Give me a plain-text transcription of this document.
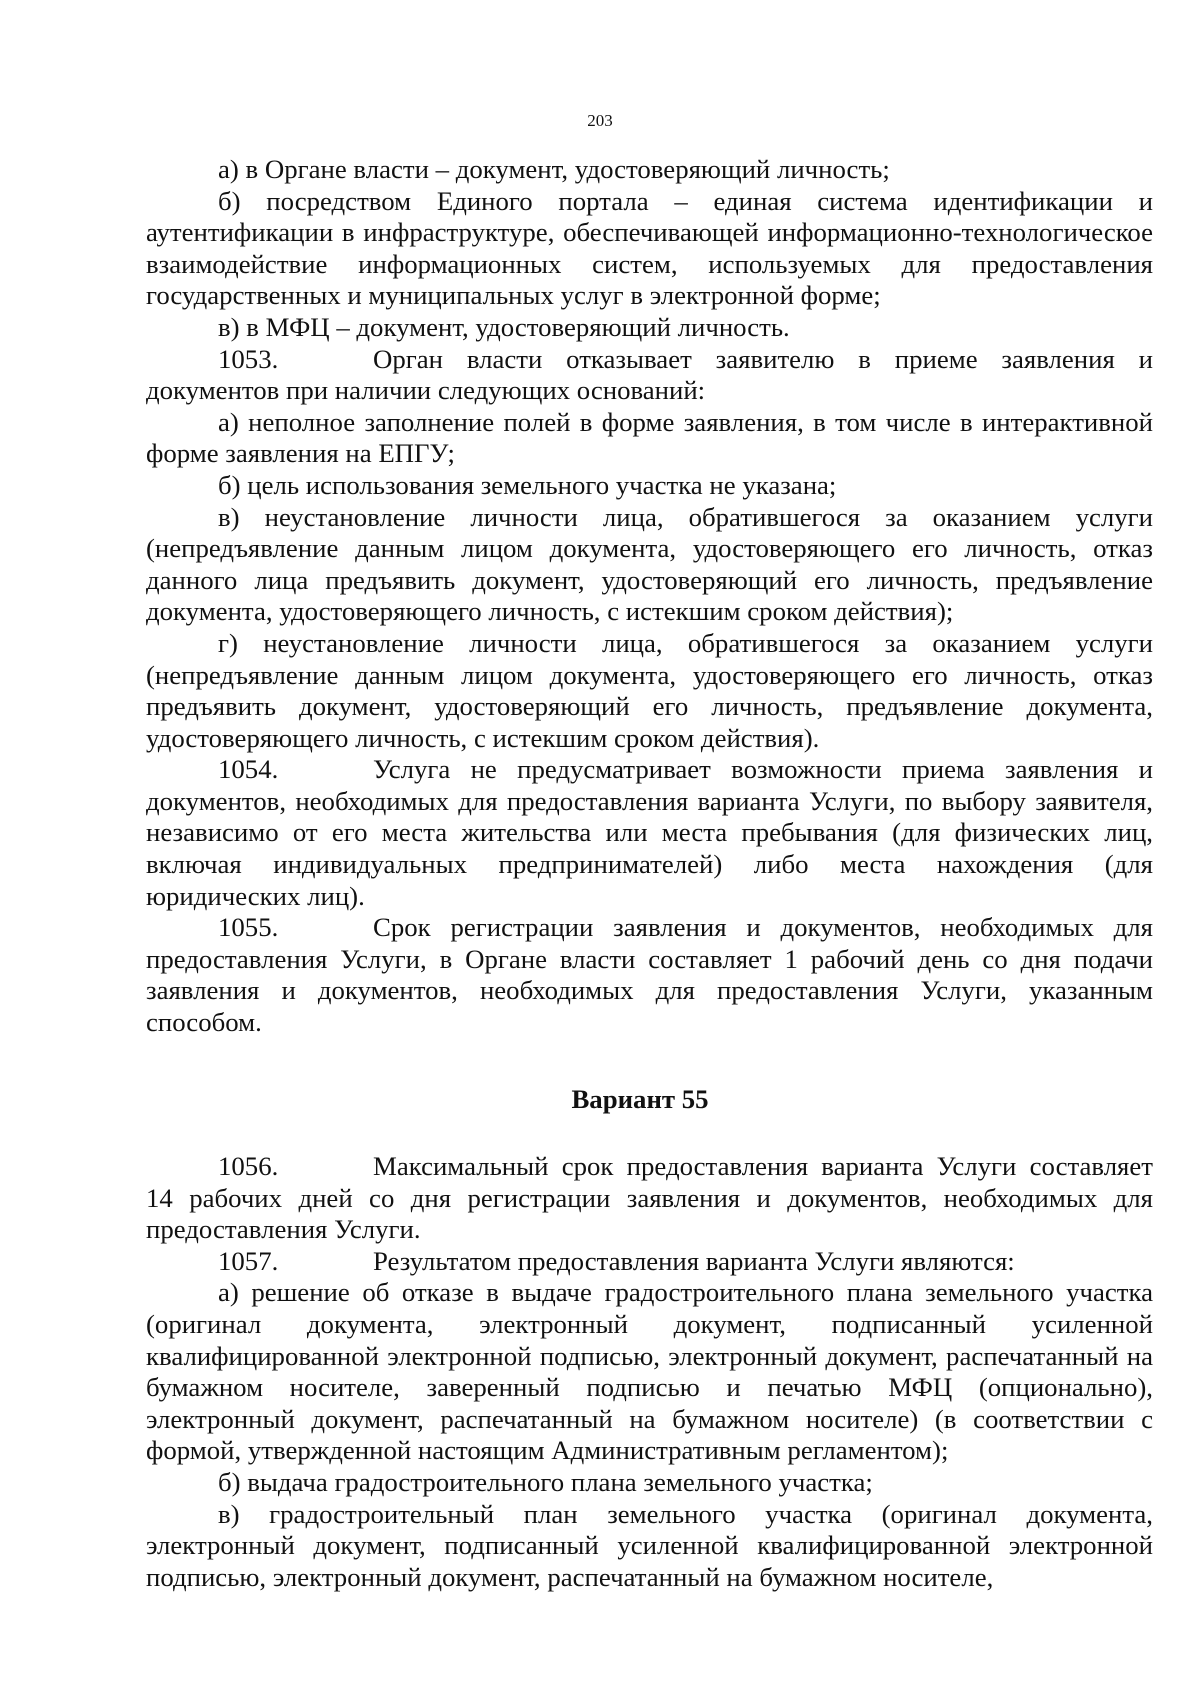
203

а) в Органе власти – документ, удостоверяющий личность;

б) посредством Единого портала – единая система идентификации и аутентификации в инфраструктуре, обеспечивающей информационно-технологическое взаимодействие информационных систем, используемых для предоставления государственных и муниципальных услуг в электронной форме;

в) в МФЦ – документ, удостоверяющий личность.

1053.	Орган власти отказывает заявителю в приеме заявления и документов при наличии следующих оснований:

а) неполное заполнение полей в форме заявления, в том числе в интерактивной форме заявления на ЕПГУ;

б) цель использования земельного участка не указана;

в) неустановление личности лица, обратившегося за оказанием услуги (непредъявление данным лицом документа, удостоверяющего его личность, отказ данного лица предъявить документ, удостоверяющий его личность, предъявление документа, удостоверяющего личность, с истекшим сроком действия);

г) неустановление личности лица, обратившегося за оказанием услуги (непредъявление данным лицом документа, удостоверяющего его личность, отказ предъявить документ, удостоверяющий его личность, предъявление документа, удостоверяющего личность, с истекшим сроком действия).

1054.	Услуга не предусматривает возможности приема заявления и документов, необходимых для предоставления варианта Услуги, по выбору заявителя, независимо от его места жительства или места пребывания (для физических лиц, включая индивидуальных предпринимателей) либо места нахождения (для юридических лиц).

1055.	Срок регистрации заявления и документов, необходимых для предоставления Услуги, в Органе власти составляет 1 рабочий день со дня подачи заявления и документов, необходимых для предоставления Услуги, указанным способом.

Вариант 55

1056.	Максимальный срок предоставления варианта Услуги составляет 14 рабочих дней со дня регистрации заявления и документов, необходимых для предоставления Услуги.

1057.	Результатом предоставления варианта Услуги являются:

а) решение об отказе в выдаче градостроительного плана земельного участка (оригинал документа, электронный документ, подписанный усиленной квалифицированной электронной подписью, электронный документ, распечатанный на бумажном носителе, заверенный подписью и печатью МФЦ (опционально), электронный документ, распечатанный на бумажном носителе) (в соответствии с формой, утвержденной настоящим Административным регламентом);

б) выдача градостроительного плана земельного участка;

в) градостроительный план земельного участка (оригинал документа, электронный документ, подписанный усиленной квалифицированной электронной подписью, электронный документ, распечатанный на бумажном носителе,
